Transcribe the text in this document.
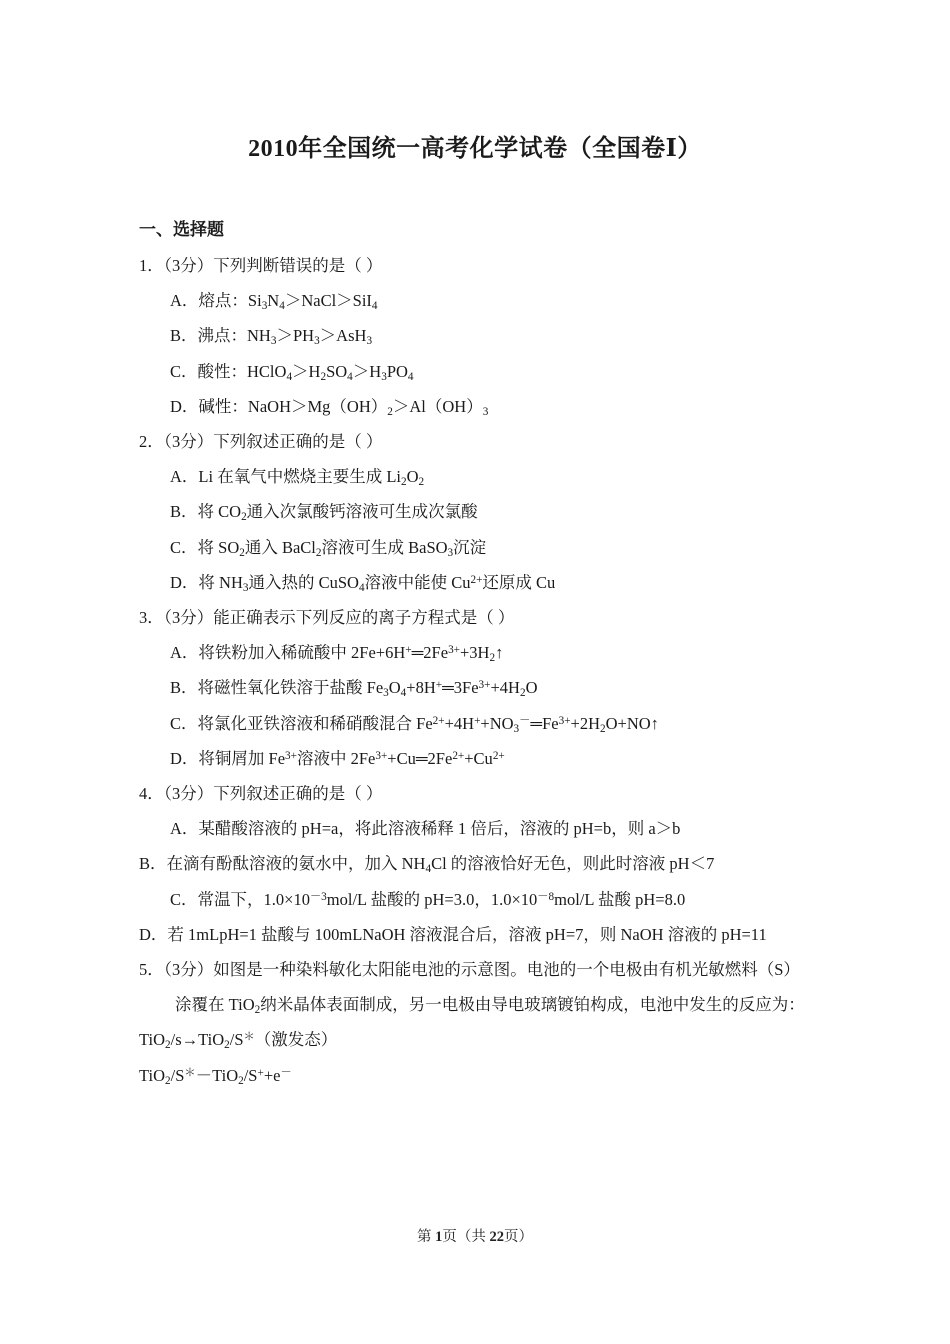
2010年全国统一高考化学试卷（全国卷Ⅰ）
一、选择题
1．（3分）下列判断错误的是（ ）
A．熔点：$Si_3N_4>NaCl>SiI_4$
B．沸点：$NH_3>PH_3>AsH_3$
C．酸性：$HClO_4>H_2SO_4>H_3PO_4$
D．碱性：$NaOH>Mg(OH)_2>Al(OH)_3$
2．（3分）下列叙述正确的是（ ）
A．Li 在氧气中燃烧主要生成 $Li_2O_2$
B．将 $CO_2$通入次氯酸钙溶液可生成次氯酸
C．将 $SO_2$通入 BaCl$_2$溶液可生成 BaSO$_3$沉淀
D．将 $NH_3$通入热的 CuSO$_4$溶液中能使 $Cu^{2+}$还原成 Cu
3．（3分）能正确表示下列反应的离子方程式是（ ）
A．将铁粉加入稀硫酸中 $2Fe+6H^+═2Fe^{3+}+3H_2↑$
B．将磁性氧化铁溶于盐酸 $Fe_3O_4+8H^+═3Fe^{3+}+4H_2O$
C．将氯化亚铁溶液和稀硝酸混合 $Fe^{2+}+4H^++NO_3^-═Fe^{3+}+2H_2O+NO↑$
D．将铜屑加 $Fe^{3+}$溶液中 $2Fe^{3+}+Cu═2Fe^{2+}+Cu^{2+}$
4．（3分）下列叙述正确的是（ ）
A．某醋酸溶液的 pH=a，将此溶液稀释 1 倍后，溶液的 pH=b，则 a＞b
B．在滴有酚酞溶液的氨水中，加入 $NH_4Cl$ 的溶液恰好无色，则此时溶液 pH＜7
C．常温下，$1.0\times 10^{-3}mol/L$ 盐酸的 pH=3.0，$1.0\times 10^{-8}mol/L$ 盐酸 pH=8.0
D．若 1mLpH=1 盐酸与 100mLNaOH 溶液混合后，溶液 pH=7，则 NaOH 溶液的 pH=11
5．（3分）如图是一种染料敏化太阳能电池的示意图。电池的一个电极由有机光敏燃料（S）涂覆在 TiO$_2$纳米晶体表面制成，另一电极由导电玻璃镀铂构成，电池中发生的反应为：
TiO$_2$/s→TiO$_2$/S＊（激发态）
TiO$_2$/S＊－TiO$_2$/S++e－
第 1页（共 22页）
